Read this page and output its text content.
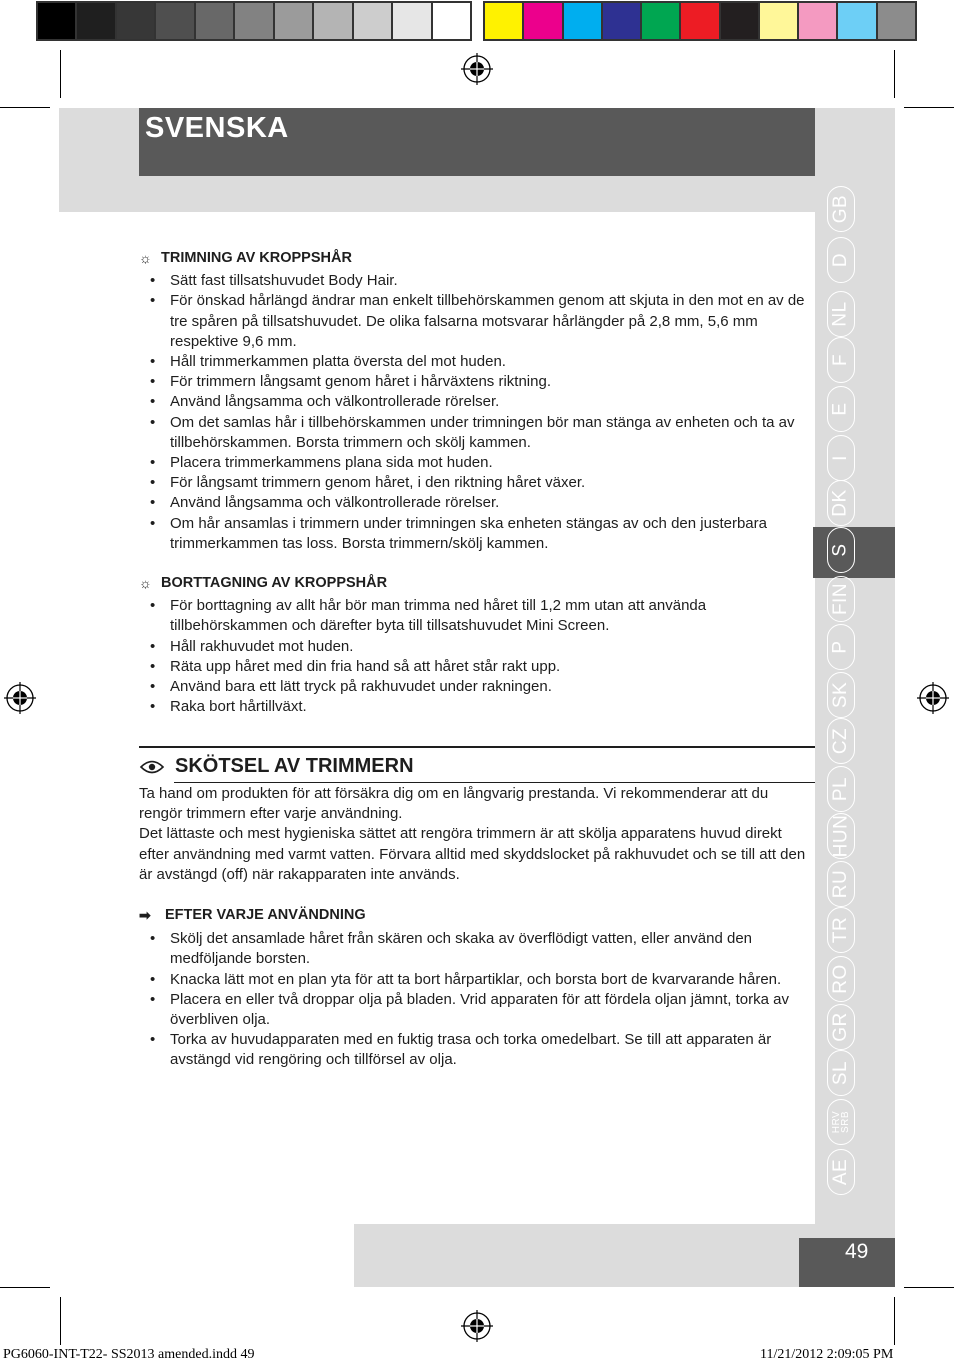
SVENSKA
GB
D
NL
F
E
I
DK
S
FIN
P
SK
CZ
PL
HUN
RU
TR
RO
GR
SL
HRV
SRB
AE
☼ TRIMNING AV KROPPSHÅR
• Sätt fast tillsatshuvudet Body Hair.
• För önskad hårlängd ändrar man enkelt tillbehörskammen genom att skjuta in den mot en av de tre spåren på tillsatshuvudet. De olika falsarna motsvarar hårlängder på 2,8 mm, 5,6 mm respektive 9,6 mm.
• Håll trimmerkammen platta översta del mot huden.
• För trimmern långsamt genom håret i hårväxtens riktning.
• Använd långsamma och välkontrollerade rörelser.
• Om det samlas hår i tillbehörskammen under trimningen bör man stänga av enheten och ta av tillbehörskammen. Borsta trimmern och skölj kammen.
• Placera trimmerkammens plana sida mot huden.
• För långsamt trimmern genom håret, i den riktning håret växer.
• Använd långsamma och välkontrollerade rörelser.
• Om hår ansamlas i trimmern under trimningen ska enheten stängas av och den justerbara trimmerkammen tas loss. Borsta trimmern/skölj kammen.
☼ BORTTAGNING AV KROPPSHÅR
• För borttagning av allt hår bör man trimma ned håret till 1,2 mm utan att använda tillbehörskammen och därefter byta till tillsatshuvudet Mini Screen.
• Håll rakhuvudet mot huden.
• Räta upp håret med din fria hand så att håret står rakt upp.
• Använd bara ett lätt tryck på rakhuvudet under rakningen.
• Raka bort hårtillväxt.
SKÖTSEL AV TRIMMERN

Ta hand om produkten för att försäkra dig om en långvarig prestanda. Vi rekommenderar att du rengör trimmern efter varje användning.

Det lättaste och mest hygieniska sättet att rengöra trimmern är att skölja apparatens huvud direkt efter användning med varmt vatten. Förvara alltid med skyddslocket på rakhuvudet och se till att den är avstängd (off) när rakapparaten inte används.

➡ EFTER VARJE ANVÄNDNING
• Skölj det ansamlade håret från skären och skaka av överflödigt vatten, eller använd den medföljande borsten.
• Knacka lätt mot en plan yta för att ta bort hårpartiklar, och borsta bort de kvarvarande håren.
• Placera en eller två droppar olja på bladen. Vrid apparaten för att fördela oljan jämnt, torka av överbliven olja.
• Torka av huvudapparaten med en fuktig trasa och torka omedelbart. Se till att apparaten är avstängd vid rengöring och tillförsel av olja.
49
PG6060-INT-T22- SS2013 amended.indd 49	11/21/2012 2:09:05 PM
